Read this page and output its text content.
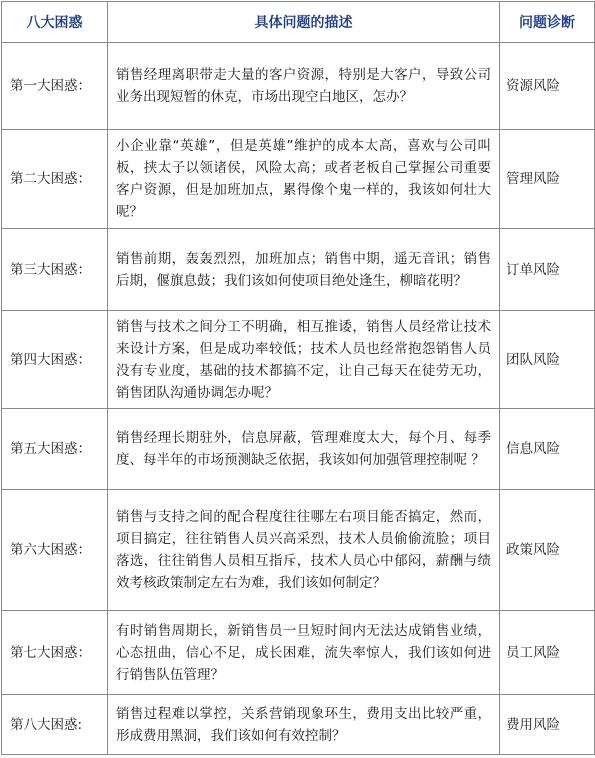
八大困惑	具体问题的描述	问题诊断
第一大困惑：	销售经理离职带走大量的客户资源，特别是大客户，导致公司业务出现短暂的休克，市场出现空白地区，怎办？	资源风险
第二大困惑：	小企业靠“英雄”，但是英雄”维护的成本太高，喜欢与公司叫板，挟太子以领诸侯，风险太高；或者老板自己掌握公司重要客户资源，但是加班加点，累得像个鬼一样的，我该如何壮大呢？	管理风险
第三大困惑：	销售前期，轰轰烈烈，加班加点；销售中期，遥无音讯；销售后期，偃旗息鼓；我们该如何使项目绝处逢生，柳暗花明？	订单风险
第四大困惑：	销售与技术之间分工不明确，相互推诿，销售人员经常让技术来设计方案，但是成功率较低；技术人员也经常抱怨销售人员没有专业度，基础的技术都搞不定，让自己每天在徒劳无功，销售团队沟通协调怎办呢？	团队风险
第五大困惑：	销售经理长期驻外，信息屏蔽，管理难度太大，每个月、每季度、每半年的市场预测缺乏依据，我该如何加强管理控制呢 ？	信息风险
第六大困惑：	销售与支持之间的配合程度往往哪左右项目能否搞定，然而，项目搞定，往往销售人员兴高采烈，技术人员偷偷流脸；项目落选，往往销售人员相互指斥，技术人员心中郁闷，薪酬与绩效考核政策制定左右为难，我们该如何制定？	政策风险
第七大困惑：	有时销售周期长，新销售员一旦短时间内无法达成销售业绩，心态扭曲，信心不足，成长困难，流失率惊人，我们该如何进行销售队伍管理？	员工风险
第八大困惑:	销售过程难以掌控，关系营销现象环生，费用支出比较严重，形成费用黑洞，我们该如何有效控制？	费用风险
